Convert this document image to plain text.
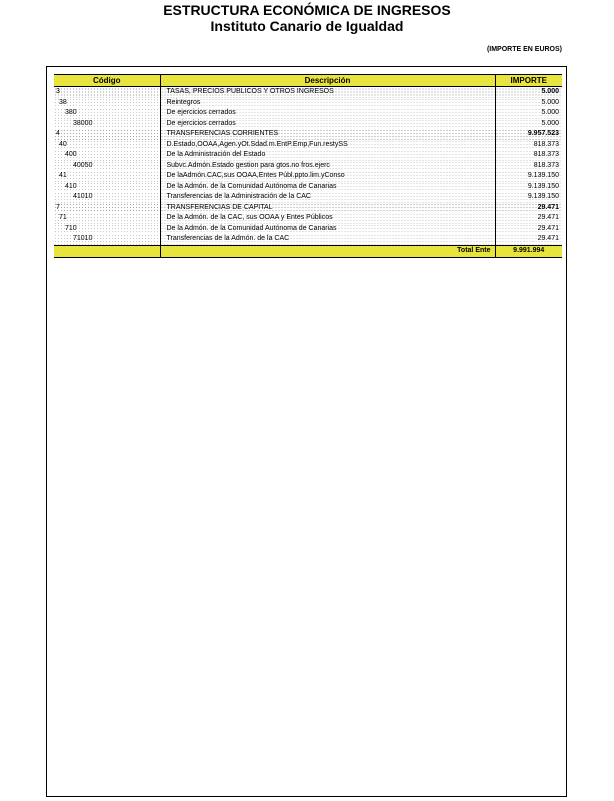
ESTRUCTURA ECONÓMICA DE INGRESOS
Instituto Canario de Igualdad
(IMPORTE EN EUROS)
Código	Descripción	IMPORTE
3	TASAS, PRECIOS PUBLICOS Y OTROS INGRESOS	5.000
38	Reintegros	5.000
380	De ejercicios cerrados	5.000
38000	De ejercicios cerrados	5.000
4	TRANSFERENCIAS CORRIENTES	9.957.523
40	D.Estado,OOAA,Agen.yOt.Sdad.m.EntP.Emp,Fun.restySS	818.373
400	De la Administración del Estado	818.373
40050	Subvc.Admón.Estado gestion para gtos.no fros.ejerc	818.373
41	De laAdmón.CAC,sus OOAA,Entes Públ.ppto.lim.yConso	9.139.150
410	De la Admón. de la Comunidad Autónoma de Canarias	9.139.150
41010	Transferencias de la Administración de la CAC	9.139.150
7	TRANSFERENCIAS DE CAPITAL	29.471
71	De la Admón. de la CAC, sus OOAA y Entes Públicos	29.471
710	De la Admón. de la Comunidad Autónoma de Canarias	29.471
71010	Transferencias de la Admón. de la CAC	29.471
	Total Ente	9.991.994
